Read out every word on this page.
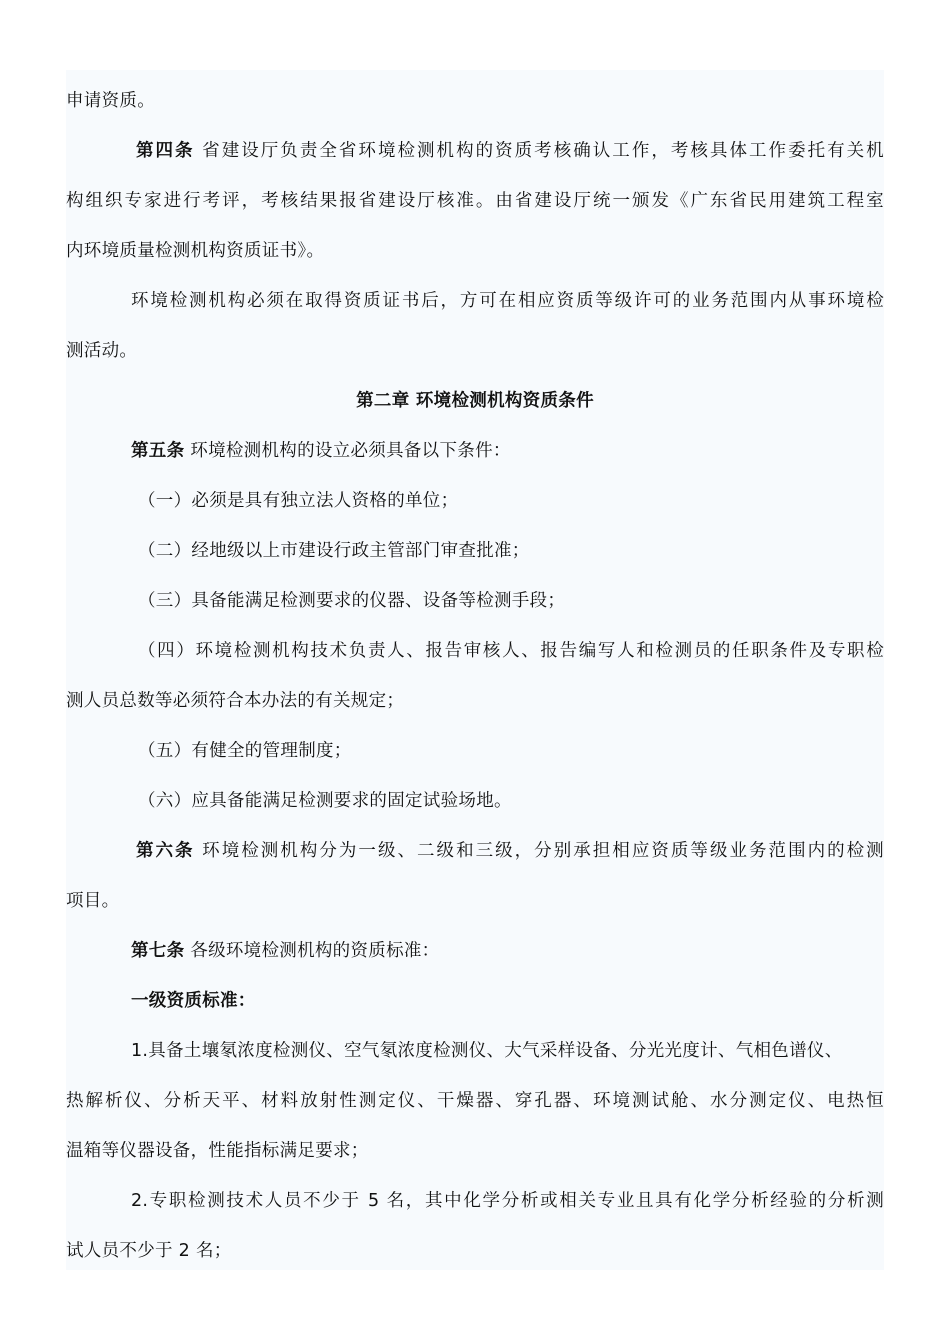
申请资质。
第四条 省建设厅负责全省环境检测机构的资质考核确认工作，考核具体工作委托有关机
构组织专家进行考评，考核结果报省建设厅核准。由省建设厅统一颁发《广东省民用建筑工程室
内环境质量检测机构资质证书》。
环境检测机构必须在取得资质证书后，方可在相应资质等级许可的业务范围内从事环境检
测活动。
第二章 环境检测机构资质条件
第五条 环境检测机构的设立必须具备以下条件：
（一）必须是具有独立法人资格的单位；
（二）经地级以上市建设行政主管部门审查批准；
（三）具备能满足检测要求的仪器、设备等检测手段；
（四）环境检测机构技术负责人、报告审核人、报告编写人和检测员的任职条件及专职检
测人员总数等必须符合本办法的有关规定；
（五）有健全的管理制度；
（六）应具备能满足检测要求的固定试验场地。
第六条 环境检测机构分为一级、二级和三级，分别承担相应资质等级业务范围内的检测
项目。
第七条 各级环境检测机构的资质标准：
一级资质标准：
1.具备土壤氡浓度检测仪、空气氡浓度检测仪、大气采样设备、分光光度计、气相色谱仪、
热解析仪、分析天平、材料放射性测定仪、干燥器、穿孔器、环境测试舱、水分测定仪、电热恒
温箱等仪器设备，性能指标满足要求；
2.专职检测技术人员不少于 5 名，其中化学分析或相关专业且具有化学分析经验的分析测
试人员不少于 2 名；
